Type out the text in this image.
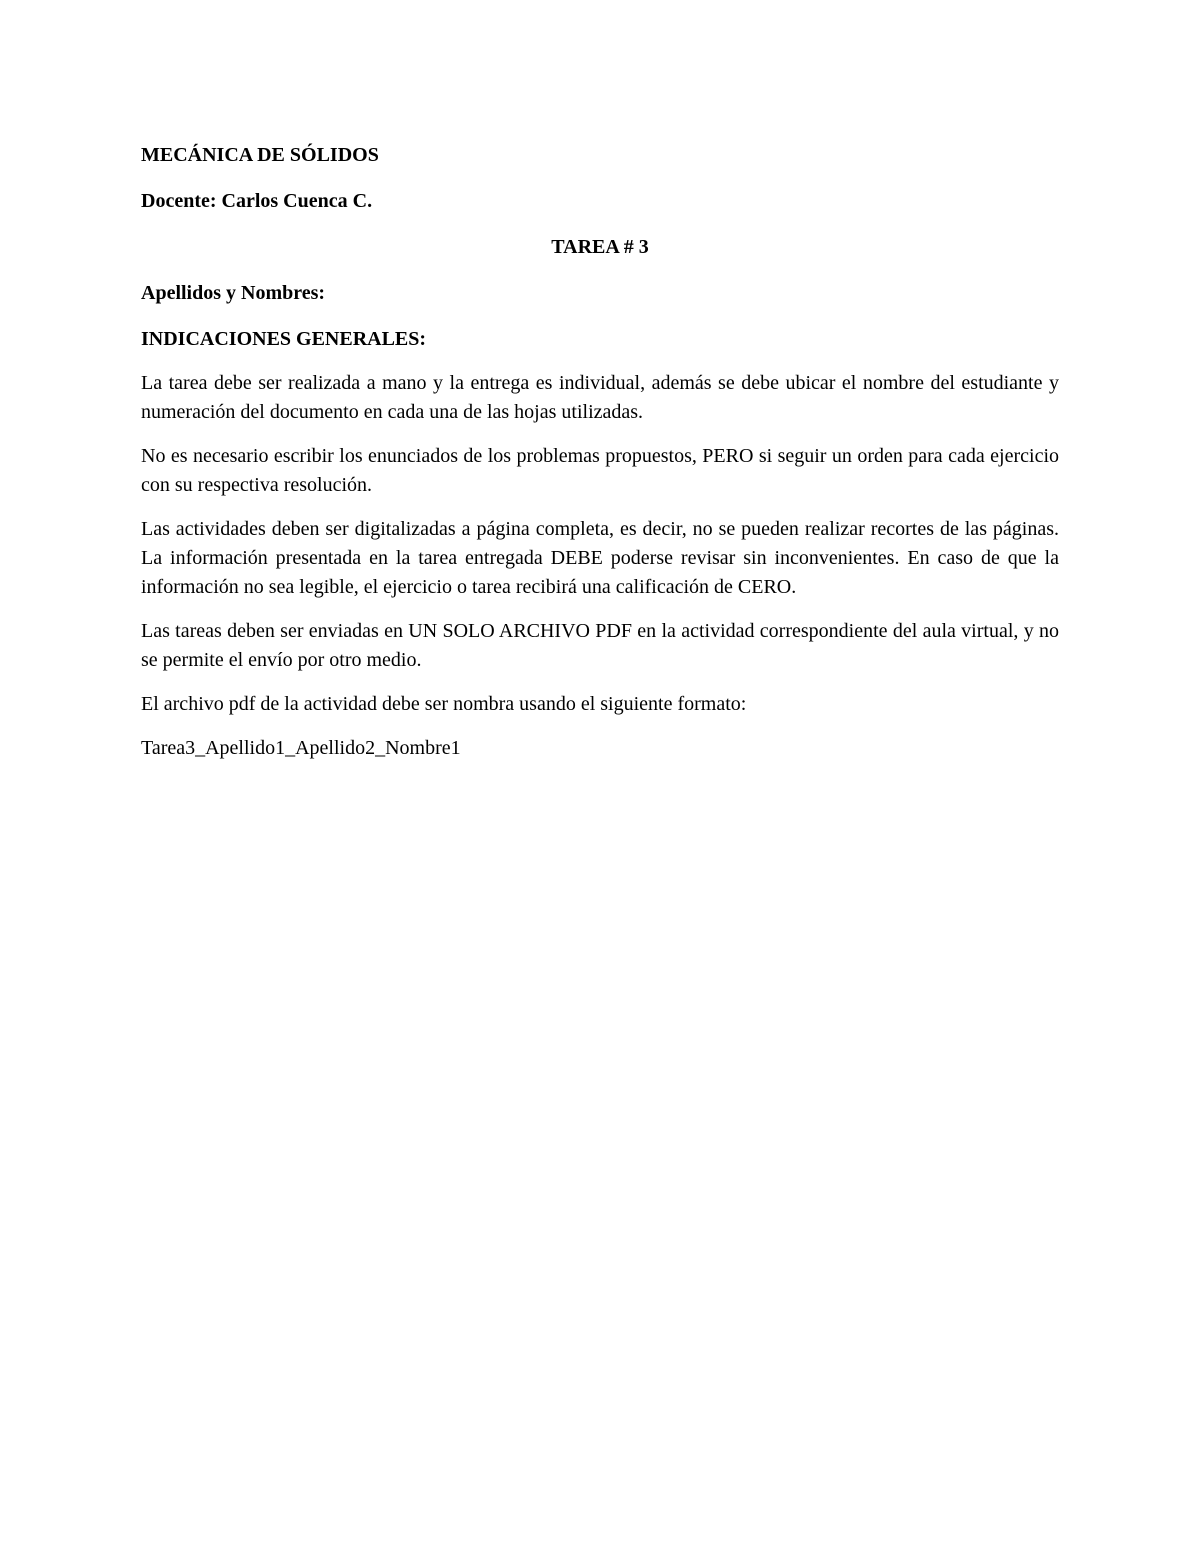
MECÁNICA DE SÓLIDOS

Docente: Carlos Cuenca C.

TAREA # 3

Apellidos y Nombres:

INDICACIONES GENERALES:

La tarea debe ser realizada a mano y la entrega es individual, además se debe ubicar el nombre del estudiante y numeración del documento en cada una de las hojas utilizadas.

No es necesario escribir los enunciados de los problemas propuestos, PERO si seguir un orden para cada ejercicio con su respectiva resolución.

Las actividades deben ser digitalizadas a página completa, es decir, no se pueden realizar recortes de las páginas. La información presentada en la tarea entregada DEBE poderse revisar sin inconvenientes. En caso de que la información no sea legible, el ejercicio o tarea recibirá una calificación de CERO.

Las tareas deben ser enviadas en UN SOLO ARCHIVO PDF en la actividad correspondiente del aula virtual, y no se permite el envío por otro medio.

El archivo pdf de la actividad debe ser nombra usando el siguiente formato:

Tarea3_Apellido1_Apellido2_Nombre1
